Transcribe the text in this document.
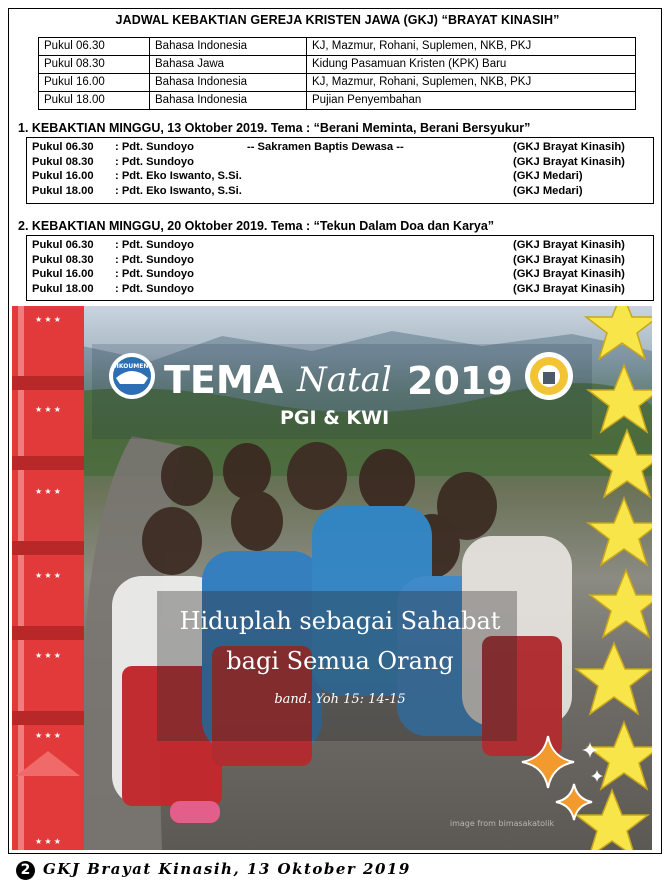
JADWAL KEBAKTIAN GEREJA KRISTEN JAWA (GKJ) “BRAYAT KINASIH”
Pukul 06.30	Bahasa Indonesia	KJ, Mazmur, Rohani, Suplemen, NKB, PKJ
Pukul 08.30	Bahasa Jawa	Kidung Pasamuan Kristen (KPK) Baru
Pukul 16.00	Bahasa Indonesia	KJ, Mazmur, Rohani, Suplemen, NKB, PKJ
Pukul 18.00	Bahasa Indonesia	Pujian Penyembahan
1. KEBAKTIAN MINGGU, 13 Oktober 2019. Tema : “Berani Meminta, Berani Bersyukur”
Pukul 06.30 : Pdt. Sundoyo	-- Sakramen Baptis Dewasa --	(GKJ Brayat Kinasih)
Pukul 08.30 : Pdt. Sundoyo	(GKJ Brayat Kinasih)
Pukul 16.00 : Pdt. Eko Iswanto, S.Si.	(GKJ Medari)
Pukul 18.00 : Pdt. Eko Iswanto, S.Si.	(GKJ Medari)
2. KEBAKTIAN MINGGU, 20 Oktober 2019. Tema : “Tekun Dalam Doa dan Karya”
Pukul 06.30 : Pdt. Sundoyo	(GKJ Brayat Kinasih)
Pukul 08.30 : Pdt. Sundoyo	(GKJ Brayat Kinasih)
Pukul 16.00 : Pdt. Sundoyo	(GKJ Brayat Kinasih)
Pukul 18.00 : Pdt. Sundoyo	(GKJ Brayat Kinasih)
OIKOUMENE TEMA Natal 2019
PGI & KWI
Hiduplah sebagai Sahabat
bagi Semua Orang
band. Yoh 15: 14-15
image from bimasakatolik
★ ★ ★
★ ★ ★
★ ★ ★
★ ★ ★
★ ★ ★
★ ★ ★
★ ★ ★
2 GKJ Brayat Kinasih, 13 Oktober 2019
